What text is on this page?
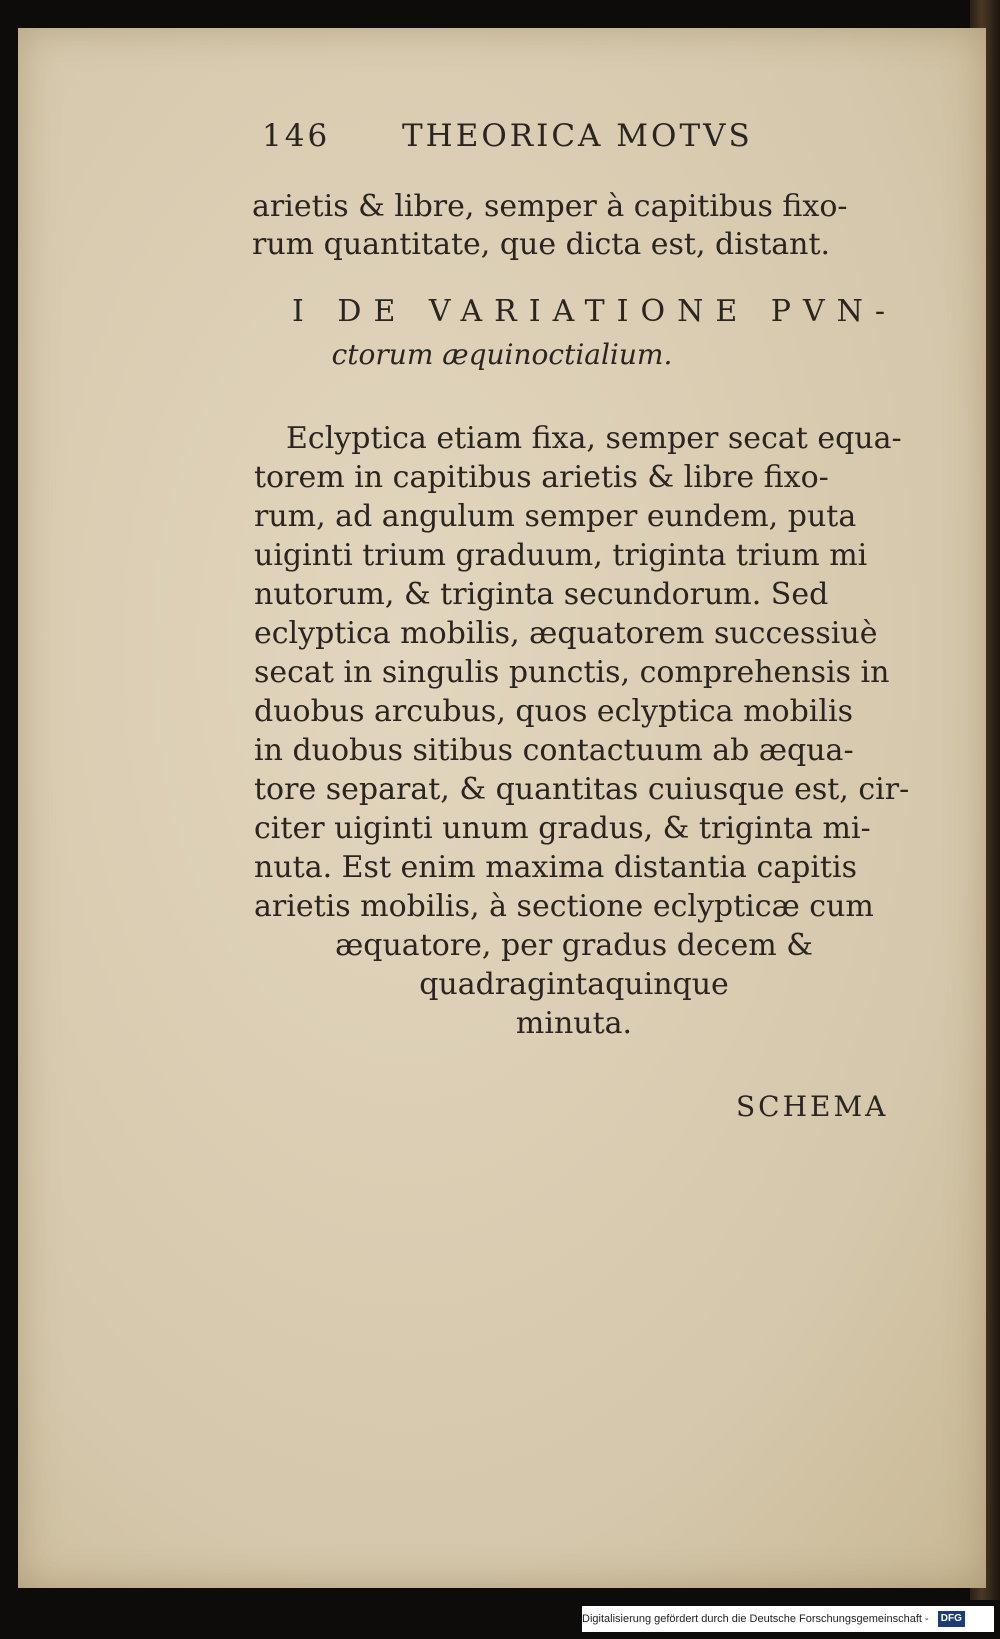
146 THEORICA MOTVS
arietis & libre, semper à capitibus fixo-
rum quantitate, que dicta est, distant.
I DE VARIATIONE PVN-
ctorum æquinoctialium.
Eclyptica etiam fixa, semper secat equa-
torem in capitibus arietis & libre fixo-
rum, ad angulum semper eundem, puta
uiginti trium graduum, triginta trium mi
nutorum, & triginta secundorum. Sed
eclyptica mobilis, æquatorem successiuè
secat in singulis punctis, comprehensis in
duobus arcubus, quos eclyptica mobilis
in duobus sitibus contactuum ab æqua-
tore separat, & quantitas cuiusque est, cir-
citer uiginti unum gradus, & triginta mi-
nuta. Est enim maxima distantia capitis
arietis mobilis, à sectione eclypticæ cum
æquatore, per gradus decem &
quadragintaquinque
minuta.
SCHEMA
Digitalisierung gefördert durch die Deutsche Forschungsgemeinschaft - DFG
